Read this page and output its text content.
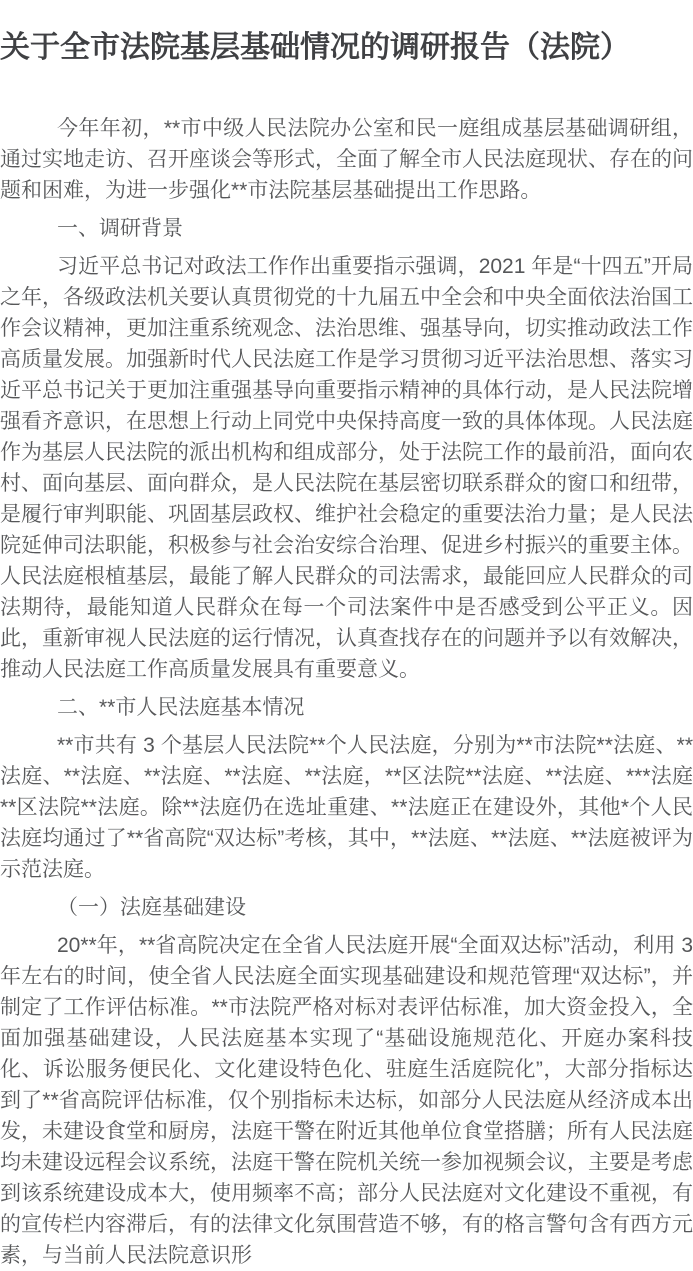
关于全市法院基层基础情况的调研报告（法院）

今年年初，**市中级人民法院办公室和民一庭组成基层基础调研组，通过实地走访、召开座谈会等形式，全面了解全市人民法庭现状、存在的问题和困难，为进一步强化**市法院基层基础提出工作思路。

一、调研背景

习近平总书记对政法工作作出重要指示强调，2021 年是“十四五”开局之年，各级政法机关要认真贯彻党的十九届五中全会和中央全面依法治国工作会议精神，更加注重系统观念、法治思维、强基导向，切实推动政法工作高质量发展。加强新时代人民法庭工作是学习贯彻习近平法治思想、落实习近平总书记关于更加注重强基导向重要指示精神的具体行动，是人民法院增强看齐意识，在思想上行动上同党中央保持高度一致的具体体现。人民法庭作为基层人民法院的派出机构和组成部分，处于法院工作的最前沿，面向农村、面向基层、面向群众，是人民法院在基层密切联系群众的窗口和纽带，是履行审判职能、巩固基层政权、维护社会稳定的重要法治力量；是人民法院延伸司法职能，积极参与社会治安综合治理、促进乡村振兴的重要主体。人民法庭根植基层，最能了解人民群众的司法需求，最能回应人民群众的司法期待，最能知道人民群众在每一个司法案件中是否感受到公平正义。因此，重新审视人民法庭的运行情况，认真查找存在的问题并予以有效解决，推动人民法庭工作高质量发展具有重要意义。

二、**市人民法庭基本情况

**市共有 3 个基层人民法院**个人民法庭，分别为**市法院**法庭、**法庭、**法庭、**法庭、**法庭、**法庭，**区法院**法庭、**法庭、***法庭**区法院**法庭。除**法庭仍在选址重建、**法庭正在建设外，其他*个人民法庭均通过了**省高院“双达标”考核，其中，**法庭、**法庭、**法庭被评为示范法庭。

（一）法庭基础建设

20**年，**省高院决定在全省人民法庭开展“全面双达标”活动，利用 3 年左右的时间，使全省人民法庭全面实现基础建设和规范管理“双达标”，并制定了工作评估标准。**市法院严格对标对表评估标准，加大资金投入，全面加强基础建设，人民法庭基本实现了“基础设施规范化、开庭办案科技化、诉讼服务便民化、文化建设特色化、驻庭生活庭院化”，大部分指标达到了**省高院评估标准，仅个别指标未达标，如部分人民法庭从经济成本出发，未建设食堂和厨房，法庭干警在附近其他单位食堂搭膳；所有人民法庭均未建设远程会议系统，法庭干警在院机关统一参加视频会议，主要是考虑到该系统建设成本大，使用频率不高；部分人民法庭对文化建设不重视，有的宣传栏内容滞后，有的法律文化氛围营造不够，有的格言警句含有西方元素，与当前人民法院意识形
